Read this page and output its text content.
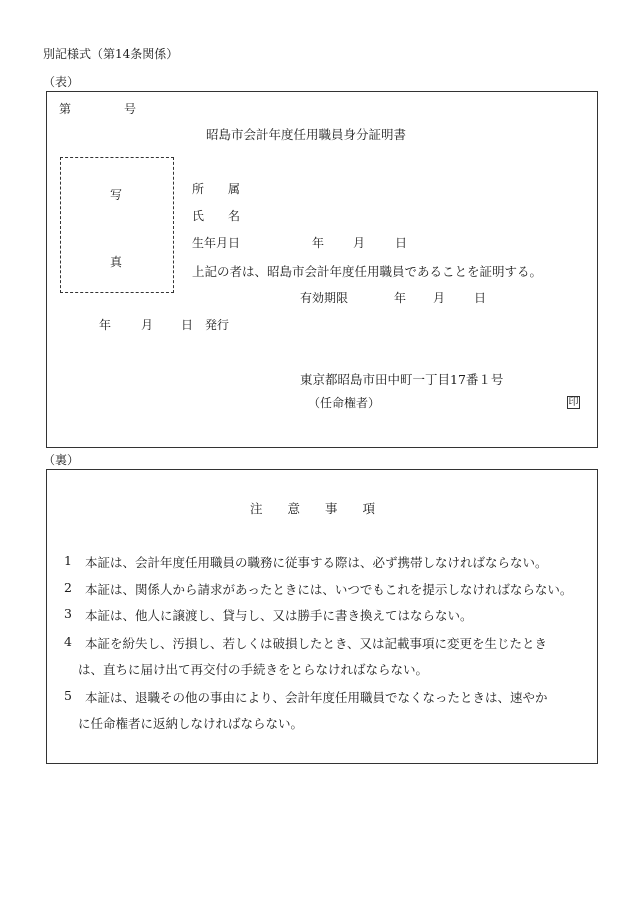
別記様式（第14条関係）
（表）
第	号
昭島市会計年度任用職員身分証明書
写
真
所　　属
氏　　名
生年月日	年 月 日
上記の者は、昭島市会計年度任用職員であることを証明する。
有効期限	年 月 日
年 月 日 発行
東京都昭島市田中町一丁目17番１号
（任命権者）	印
（裏）
注　　意　　事　　項
1 本証は、会計年度任用職員の職務に従事する際は、必ず携帯しなければならない。
2 本証は、関係人から請求があったときには、いつでもこれを提示しなければならない。
3 本証は、他人に譲渡し、貸与し、又は勝手に書き換えてはならない。
4 本証を紛失し、汚損し、若しくは破損したとき、又は記載事項に変更を生じたとき
は、直ちに届け出て再交付の手続きをとらなければならない。
5 本証は、退職その他の事由により、会計年度任用職員でなくなったときは、速やか
に任命権者に返納しなければならない。
